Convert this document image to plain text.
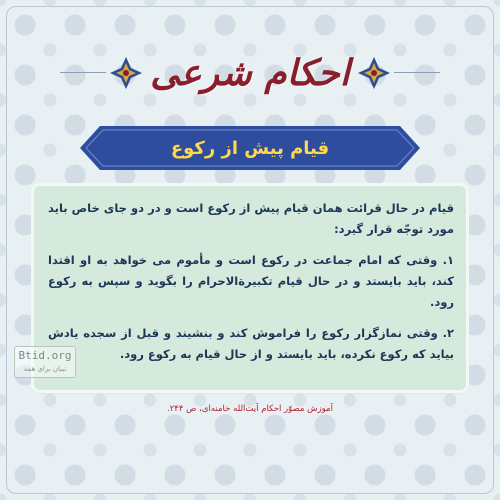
احکام شرعی
قیام پیش از رکوع

قیام در حال قرائت همان قیام پیش از رکوع است و در دو جای خاص باید مورد توجّه قرار گیرد:

۱. وقتی که امام جماعت در رکوع است و مأموم می خواهد به او اقتدا کند، باید بایستد و در حال قیام تکبیرةالاحرام را بگوید و سپس به رکوع رود.

۲. وقتی نمازگزار رکوع را فراموش کند و بنشیند و قبل از سجده یادش بیاید که رکوع نکرده، باید بایستد و از حال قیام به رکوع رود.

Btid.org
تبیان برای همه
آموزش مصوّر احکام آیت‌الله خامنه‌ای، ص ۲۴۴.
